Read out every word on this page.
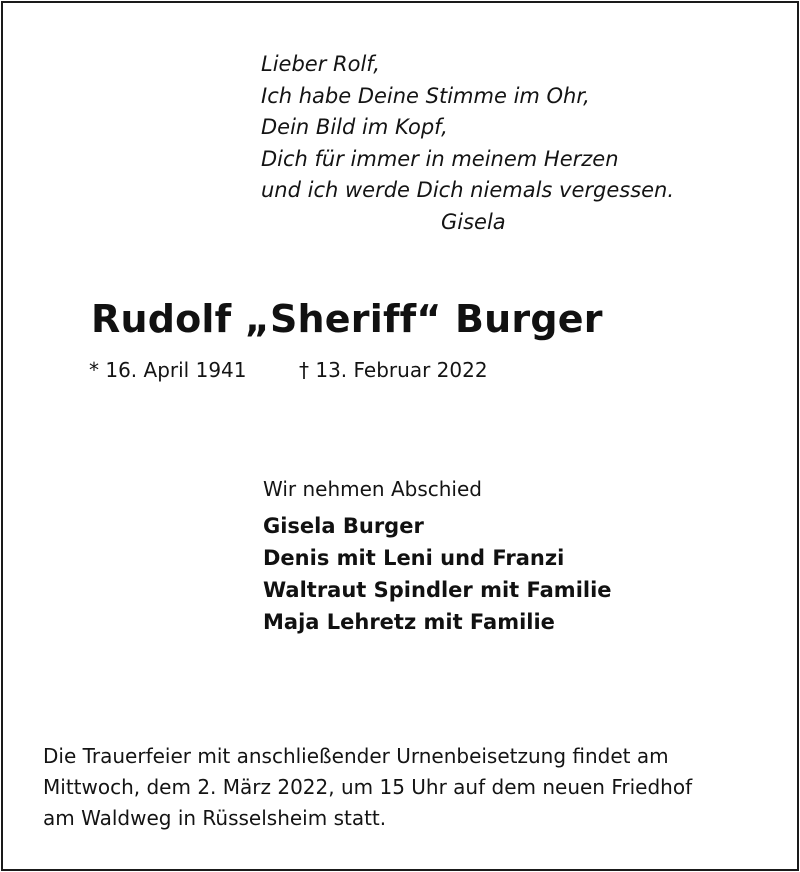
Lieber Rolf,
Ich habe Deine Stimme im Ohr,
Dein Bild im Kopf,
Dich für immer in meinem Herzen
und ich werde Dich niemals vergessen.
Gisela
Rudolf „Sheriff“ Burger
* 16. April 1941	† 13. Februar 2022
Wir nehmen Abschied
Gisela Burger
Denis mit Leni und Franzi
Waltraut Spindler mit Familie
Maja Lehretz mit Familie
Die Trauerfeier mit anschließender Urnenbeisetzung findet am
Mittwoch, dem 2. März 2022, um 15 Uhr auf dem neuen Friedhof
am Waldweg in Rüsselsheim statt.
